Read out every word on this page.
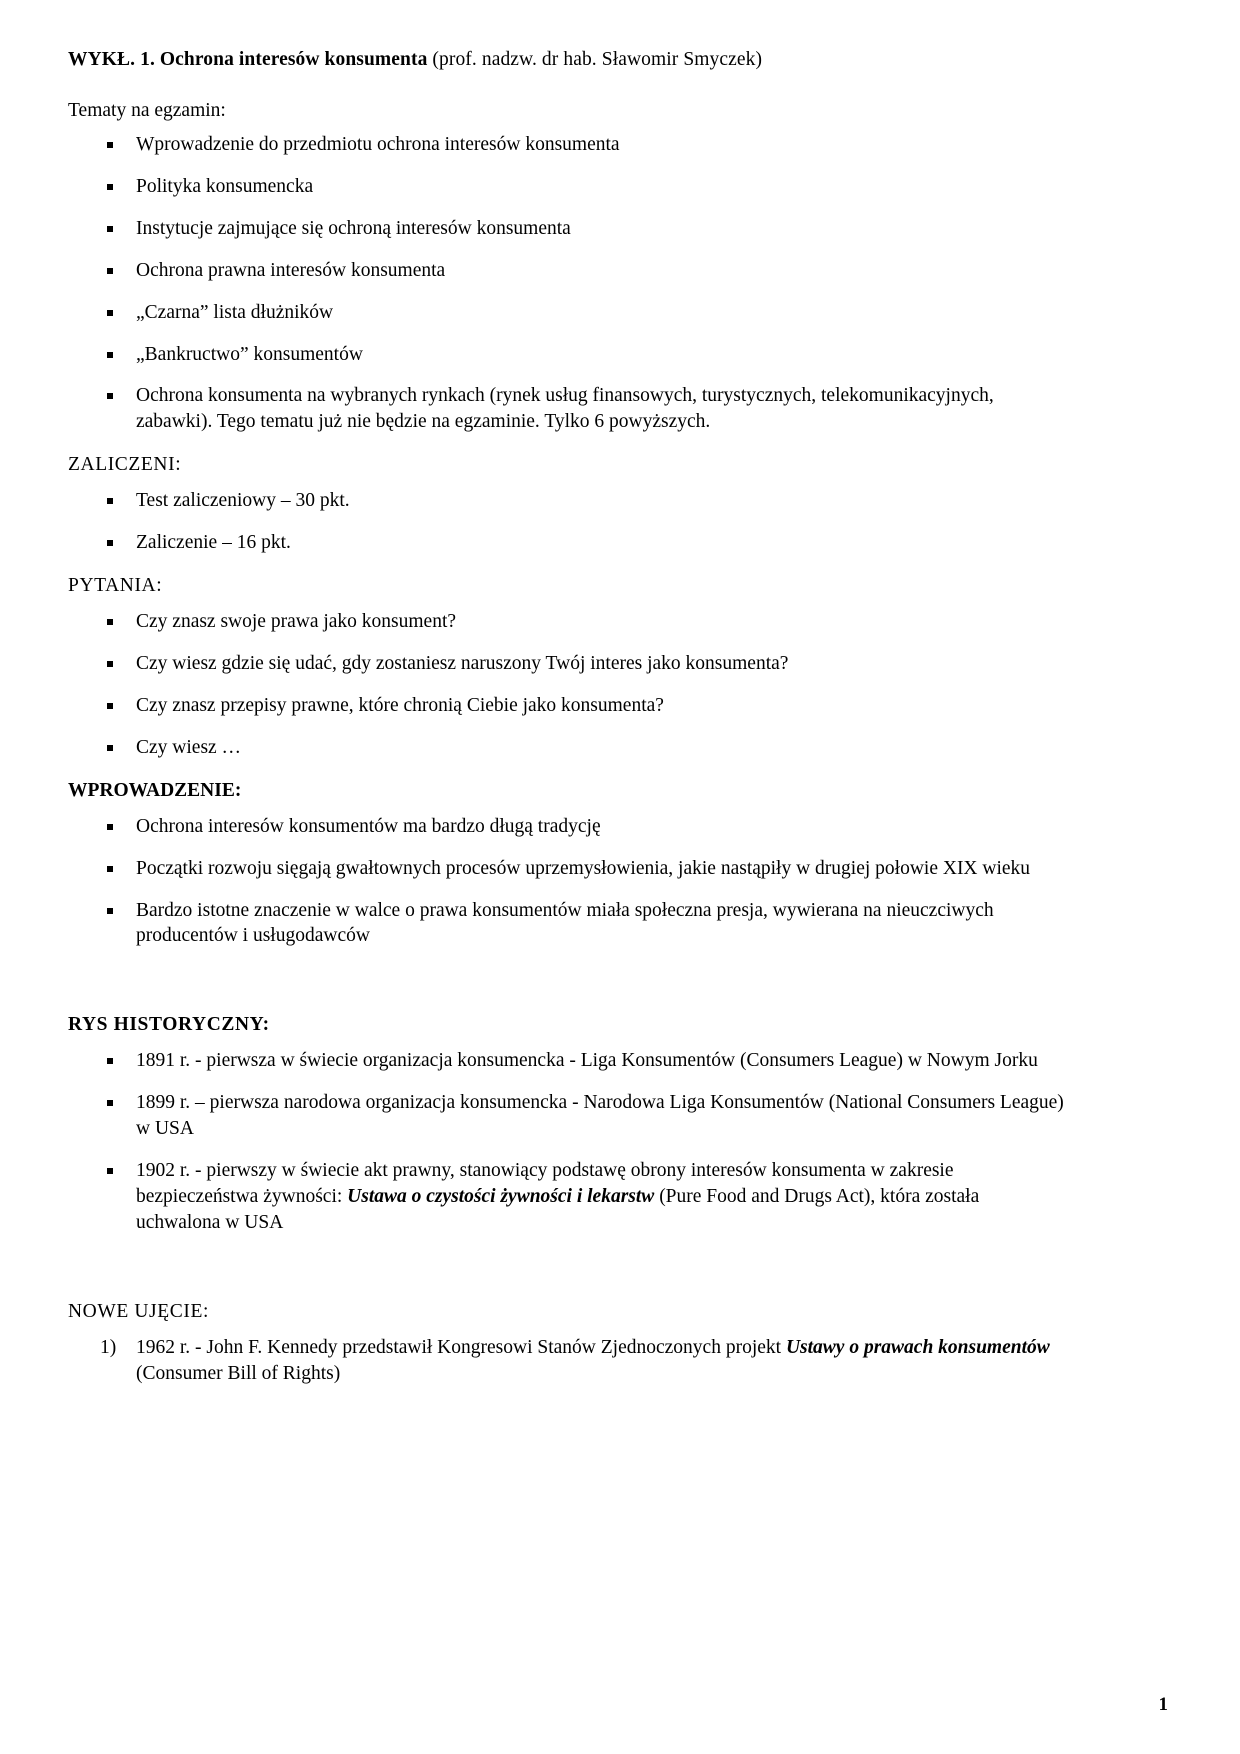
WYKŁ. 1. Ochrona interesów konsumenta (prof. nadzw. dr hab. Sławomir Smyczek)

Tematy na egzamin:

Wprowadzenie do przedmiotu ochrona interesów konsumenta
Polityka konsumencka
Instytucje zajmujące się ochroną interesów konsumenta
Ochrona prawna interesów konsumenta
„Czarna” lista dłużników
„Bankructwo” konsumentów
Ochrona konsumenta na wybranych rynkach (rynek usług finansowych, turystycznych, telekomunikacyjnych, zabawki). Tego tematu już nie będzie na egzaminie. Tylko 6 powyższych.

ZALICZENI:

Test zaliczeniowy – 30 pkt.
Zaliczenie – 16 pkt.

PYTANIA:

Czy znasz swoje prawa jako konsument?
Czy wiesz gdzie się udać, gdy zostaniesz naruszony Twój interes jako konsumenta?
Czy znasz przepisy prawne, które chronią Ciebie jako konsumenta?
Czy wiesz …

WPROWADZENIE:

Ochrona interesów konsumentów ma bardzo długą tradycję
Początki rozwoju sięgają gwałtownych procesów uprzemysłowienia, jakie nastąpiły w drugiej połowie XIX wieku
Bardzo istotne znaczenie w walce o prawa konsumentów miała społeczna presja, wywierana na nieuczciwych producentów i usługodawców

RYS HISTORYCZNY:

1891 r. - pierwsza w świecie organizacja konsumencka - Liga Konsumentów (Consumers League) w Nowym Jorku
1899 r. – pierwsza narodowa organizacja konsumencka - Narodowa Liga Konsumentów (National Consumers League) w USA
1902 r. - pierwszy w świecie akt prawny, stanowiący podstawę obrony interesów konsumenta w zakresie bezpieczeństwa żywności: Ustawa o czystości żywności i lekarstw (Pure Food and Drugs Act), która została uchwalona w USA

NOWE UJĘCIE:

1962 r. - John F. Kennedy przedstawił Kongresowi Stanów Zjednoczonych projekt Ustawy o prawach konsumentów (Consumer Bill of Rights)
1
